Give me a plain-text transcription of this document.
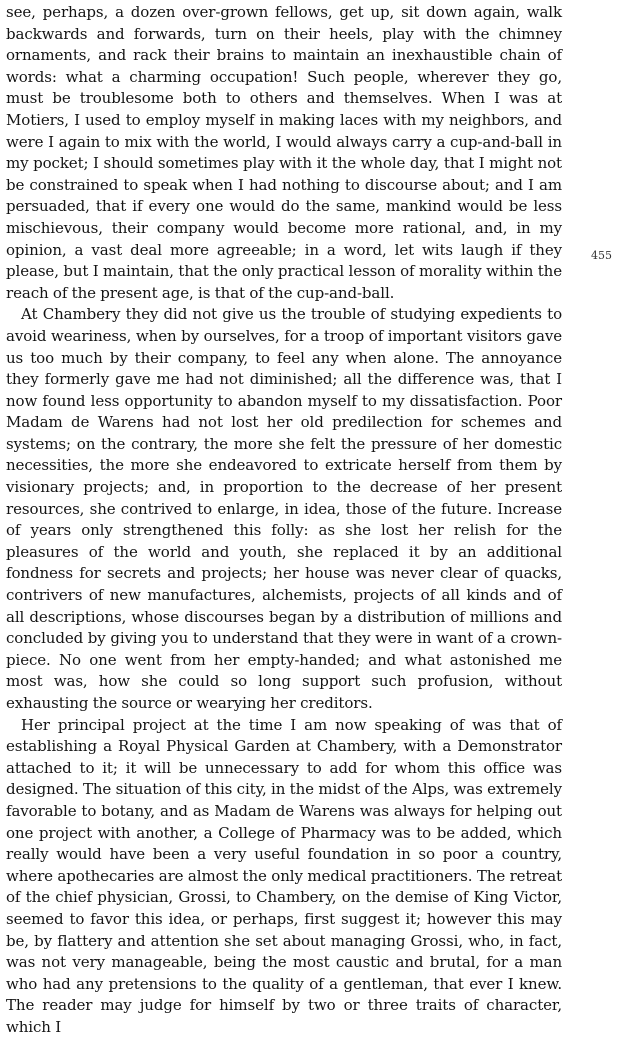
see, perhaps, a dozen over-grown fellows, get up, sit down again, walk backwards and forwards, turn on their heels, play with the chimney ornaments, and rack their brains to maintain an inexhaustible chain of words: what a charming occupation! Such people, wherever they go, must be troublesome both to others and themselves. When I was at Motiers, I used to employ myself in making laces with my neighbors, and were I again to mix with the world, I would always carry a cup-and-ball in my pocket; I should sometimes play with it the whole day, that I might not be constrained to speak when I had nothing to discourse about; and I am persuaded, that if every one would do the same, mankind would be less mischievous, their company would become more rational, and, in my opinion, a vast deal more agreeable; in a word, let wits laugh if they please, but I maintain, that the only practical lesson of morality within the reach of the present age, is that of the cup-and-ball.

At Chambery they did not give us the trouble of studying expedients to avoid weariness, when by ourselves, for a troop of important visitors gave us too much by their company, to feel any when alone. The annoyance they formerly gave me had not diminished; all the difference was, that I now found less opportunity to abandon myself to my dissatisfaction. Poor Madam de Warens had not lost her old predilection for schemes and systems; on the contrary, the more she felt the pressure of her domestic necessities, the more she endeavored to extricate herself from them by visionary projects; and, in proportion to the decrease of her present resources, she contrived to enlarge, in idea, those of the future. Increase of years only strengthened this folly: as she lost her relish for the pleasures of the world and youth, she replaced it by an additional fondness for secrets and projects; her house was never clear of quacks, contrivers of new manufactures, alchemists, projects of all kinds and of all descriptions, whose discourses began by a distribution of millions and concluded by giving you to understand that they were in want of a crown-piece. No one went from her empty-handed; and what astonished me most was, how she could so long support such profusion, without exhausting the source or wearying her creditors.

Her principal project at the time I am now speaking of was that of establishing a Royal Physical Garden at Chambery, with a Demonstrator attached to it; it will be unnecessary to add for whom this office was designed. The situation of this city, in the midst of the Alps, was extremely favorable to botany, and as Madam de Warens was always for helping out one project with another, a College of Pharmacy was to be added, which really would have been a very useful foundation in so poor a country, where apothecaries are almost the only medical practitioners. The retreat of the chief physician, Grossi, to Chambery, on the demise of King Victor, seemed to favor this idea, or perhaps, first suggest it; however this may be, by flattery and attention she set about managing Grossi, who, in fact, was not very manageable, being the most caustic and brutal, for a man who had any pretensions to the quality of a gentleman, that ever I knew. The reader may judge for himself by two or three traits of character, which I

455
